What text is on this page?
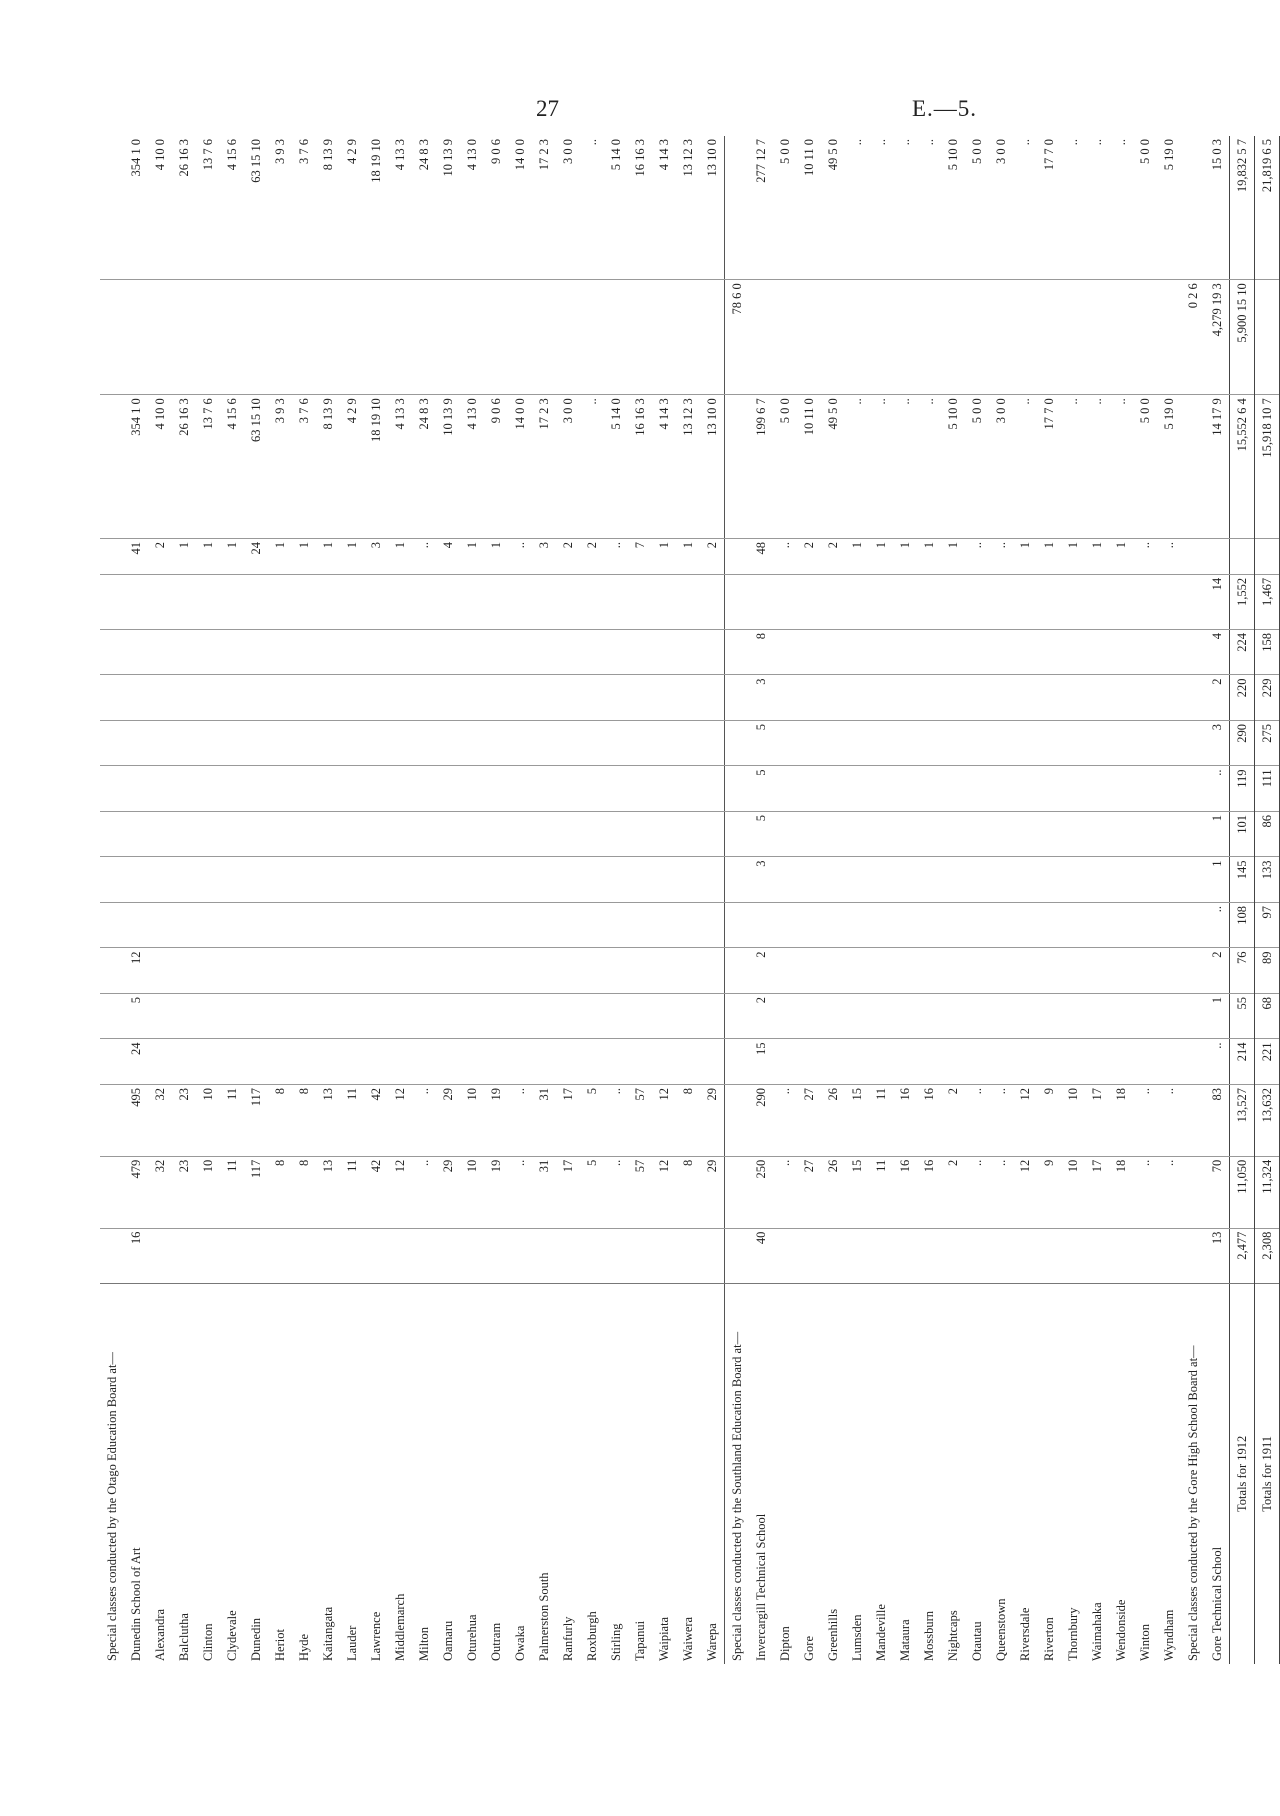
27	E.—5.
Special classes conducted by the Otago Education Board at—																		
Dunedin School of Art	16	479	495	24	5	12									41	354 1 0		354 1 0
Alexandra		32	32												2	4 10 0		4 10 0
Balclutha		23	23												1	26 16 3		26 16 3
Clinton		10	10												1	13 7 6		13 7 6
Clydevale		11	11												1	4 15 6		4 15 6
Dunedin		117	117												24	63 15 10		63 15 10
Heriot		8	8												1	3 9 3		3 9 3
Hyde		8	8												1	3 7 6		3 7 6
Kaitangata		13	13												1	8 13 9		8 13 9
Lauder		11	11												1	4 2 9		4 2 9
Lawrence		42	42												3	18 19 10		18 19 10
Middlemarch		12	12												1	4 13 3		4 13 3
Milton		..	..												..	24 8 3		24 8 3
Oamaru		29	29												4	10 13 9		10 13 9
Oturehua		10	10												1	4 13 0		4 13 0
Outram		19	19												1	9 0 6		9 0 6
Owaka		..	..												..	14 0 0		14 0 0
Palmerston South		31	31												3	17 2 3		17 2 3
Ranfurly		17	17												2	3 0 0		3 0 0
Roxburgh		5	5												2	..		..
Stirling		..	..												..	5 14 0		5 14 0
Tapanui		57	57												7	16 16 3		16 16 3
Waipiata		12	12												1	4 14 3		4 14 3
Waiwera		8	8												1	13 12 3		13 12 3
Warepa		29	29												2	13 10 0		13 10 0
Special classes conducted by the Southland Education Board at—																	78 6 0	
Invercargill Technical School	40	250	290	15	2	2		3	5	5	5	3	8		48	199 6 7		277 12 7
Dipton		..	..												..	5 0 0		5 0 0
Gore		27	27												2	10 11 0		10 11 0
Greenhills		26	26												2	49 5 0		49 5 0
Lumsden		15	15												1	..		..
Mandeville		11	11												1	..		..
Mataura		16	16												1	..		..
Mossburn		16	16												1	..		..
Nightcaps		2	2												1	5 10 0		5 10 0
Otautau		..	..												..	5 0 0		5 0 0
Queenstown		..	..												..	3 0 0		3 0 0
Riversdale		12	12												1	..		..
Riverton		9	9												1	17 7 0		17 7 0
Thornbury		10	10												1	..		..
Waimahaka		17	17												1	..		..
Wendonside		18	18												1	..		..
Winton		..	..												..	5 0 0		5 0 0
Wyndham		..	..												..	5 19 0		5 19 0
Special classes conducted by the Gore High School Board at—																	0 2 6	
Gore Technical School	13	70	83	..	1	2	..	1	1	..	3	2	4	14		14 17 9	4,279 19 3	15 0 3
Totals for 1912	2,477	11,050	13,527	214	55	76	108	145	101	119	290	220	224	1,552		15,552 6 4	5,900 15 10	19,832 5 7
Totals for 1911	2,308	11,324	13,632	221	68	89	97	133	86	111	275	229	158	1,467		15,918 10 7		21,819 6 5
